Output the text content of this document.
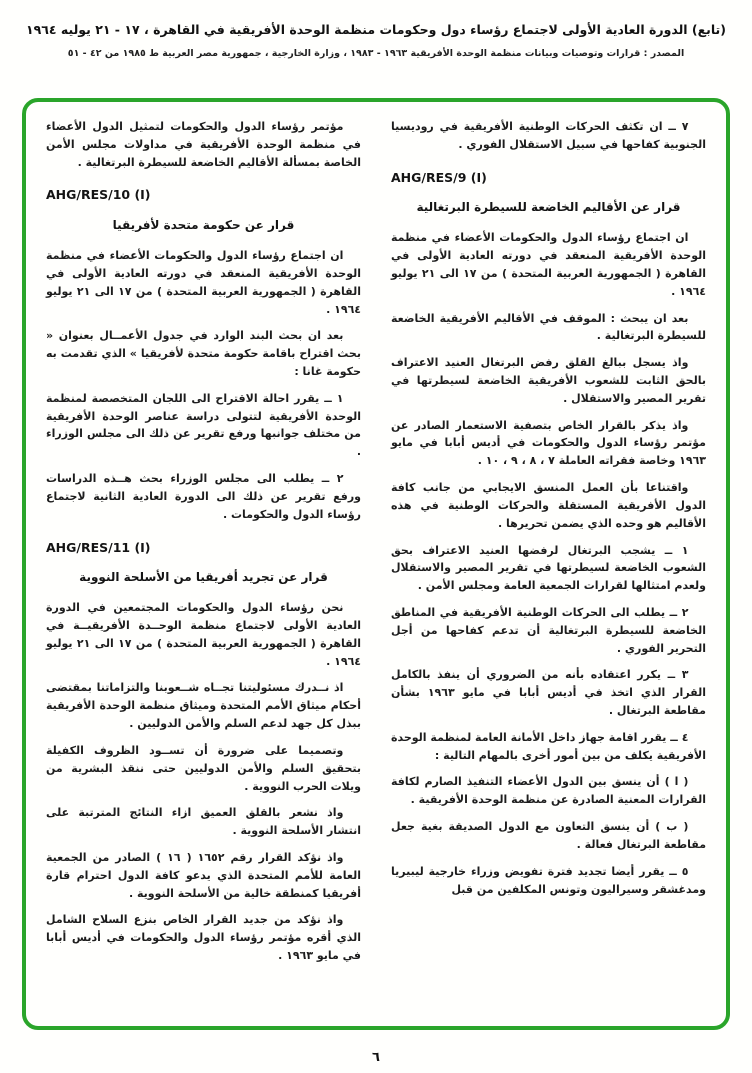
(تابع) الدورة العادية الأولى لاجتماع رؤساء دول وحكومات منظمة الوحدة الأفريقية في القاهرة ، ١٧ - ٢١ يوليه ١٩٦٤
المصدر : قرارات وتوصيات وبيانات منظمة الوحدة الأفريقية ١٩٦٣ - ١٩٨٣ ، وزارة الخارجية ، جمهورية مصر العربية ط ١٩٨٥ من ٤٢ - ٥١

٧ ــ ان تكثف الحركات الوطنية الأفريقية في روديسيا الجنوبية كفاحها في سبيل الاستقلال الفوري .

AHG/RES/9 (I)
قرار عن الأقاليم الخاضعة للسيطرة البرتغالية

ان اجتماع رؤساء الدول والحكومات الأعضاء في منظمة الوحدة الأفريقية المنعقد في دورته العادية الأولى في القاهرة ( الجمهورية العربية المتحدة ) من ١٧ الى ٢١ يوليو ١٩٦٤ .

بعد ان يبحث : الموقف في الأقاليم الأفريقية الخاضعة للسيطرة البرتغالية .

واذ يسجل ببالغ القلق رفض البرتغال العنيد الاعتراف بالحق الثابت للشعوب الأفريقية الخاضعة لسيطرتها في تقرير المصير والاستقلال .

واذ يذكر بالقرار الخاص بتصفية الاستعمار الصادر عن مؤتمر رؤساء الدول والحكومات في أديس أبابا في مايو ١٩٦٣ وخاصة فقراته العاملة ٧ ، ٨ ، ٩ ، ١٠ .

واقتناعا بأن العمل المنسق الايجابي من جانب كافة الدول الأفريقية المستقلة والحركات الوطنية في هذه الأقاليم هو وحده الذي يضمن تحريرها .

١ ــ يشجب البرتغال لرفضها العنيد الاعتراف بحق الشعوب الخاضعة لسيطرتها في تقرير المصير والاستقلال ولعدم امتثالها لقرارات الجمعية العامة ومجلس الأمن .

٢ ــ يطلب الى الحركات الوطنية الأفريقية في المناطق الخاضعة للسيطرة البرتغالية أن تدعم كفاحها من أجل التحرير الفوري .

٣ ــ يكرر اعتقاده بأنه من الضروري أن ينفذ بالكامل القرار الذي اتخذ في أديس أبابا في مايو ١٩٦٣ بشأن مقاطعة البرتغال .

٤ ــ يقرر اقامة جهاز داخل الأمانة العامة لمنظمة الوحدة الأفريقية يكلف من بين أمور أخرى بالمهام التالية :

( ا ) أن ينسق بين الدول الأعضاء التنفيذ الصارم لكافة القرارات المعنية الصادرة عن منظمة الوحدة الأفريقية .

( ب ) أن ينسق التعاون مع الدول الصديقة بغية جعل مقاطعة البرتغال فعالة .

٥ ــ يقرر أيضا تجديد فترة تفويض وزراء خارجية ليبيريا ومدغشقر وسيراليون وتونس المكلفين من قبل

مؤتمر رؤساء الدول والحكومات لتمثيل الدول الأعضاء في منظمة الوحدة الأفريقية في مداولات مجلس الأمن الخاصة بمسألة الأقاليم الخاضعة للسيطرة البرتغالية .

AHG/RES/10 (I)
قرار عن حكومة متحدة لأفريقيا

ان اجتماع رؤساء الدول والحكومات الأعضاء في منظمة الوحدة الأفريقية المنعقد في دورته العادية الأولى في القاهرة ( الجمهورية العربية المتحدة ) من ١٧ الى ٢١ يوليو ١٩٦٤ .

بعد ان بحث البند الوارد في جدول الأعمــال بعنوان « بحث اقتراح باقامة حكومة متحدة لأفريقيا » الذي تقدمت به حكومة غانا :

١ ــ يقرر احالة الاقتراح الى اللجان المتخصصة لمنظمة الوحدة الأفريقية لتتولى دراسة عناصر الوحدة الأفريقية من مختلف جوانبها ورفع تقرير عن ذلك الى مجلس الوزراء .

٢ ــ يطلب الى مجلس الوزراء بحث هــذه الدراسات ورفع تقرير عن ذلك الى الدورة العادية الثانية لاجتماع رؤساء الدول والحكومات .

AHG/RES/11 (I)
قرار عن تجريد أفريقيا من الأسلحة النووية

نحن رؤساء الدول والحكومات المجتمعين في الدورة العادية الأولى لاجتماع منظمة الوحــدة الأفريقيــة في القاهرة ( الجمهورية العربية المتحدة ) من ١٧ الى ٢١ يوليو ١٩٦٤ .

اذ نــدرك مسئوليتنا تجــاه شــعوبنا والتزاماتنا بمقتضى أحكام ميثاق الأمم المتحدة وميثاق منظمة الوحدة الأفريقية ببذل كل جهد لدعم السلم والأمن الدوليين .

وتصميما على ضرورة أن تســود الظروف الكفيلة بتحقيق السلم والأمن الدوليين حتى ننقذ البشرية من ويلات الحرب النووية .

واذ نشعر بالقلق العميق ازاء النتائج المترتبة على انتشار الأسلحة النووية .

واذ نؤكد القرار رقم ١٦٥٢ ( ١٦ ) الصادر من الجمعية العامة للأمم المتحدة الذي يدعو كافة الدول احترام قارة أفريقيا كمنطقة خالية من الأسلحة النووية .

واذ نؤكد من جديد القرار الخاص بنزع السلاح الشامل الذي أقره مؤتمر رؤساء الدول والحكومات في أديس أبابا في مايو ١٩٦٣ .

٦
